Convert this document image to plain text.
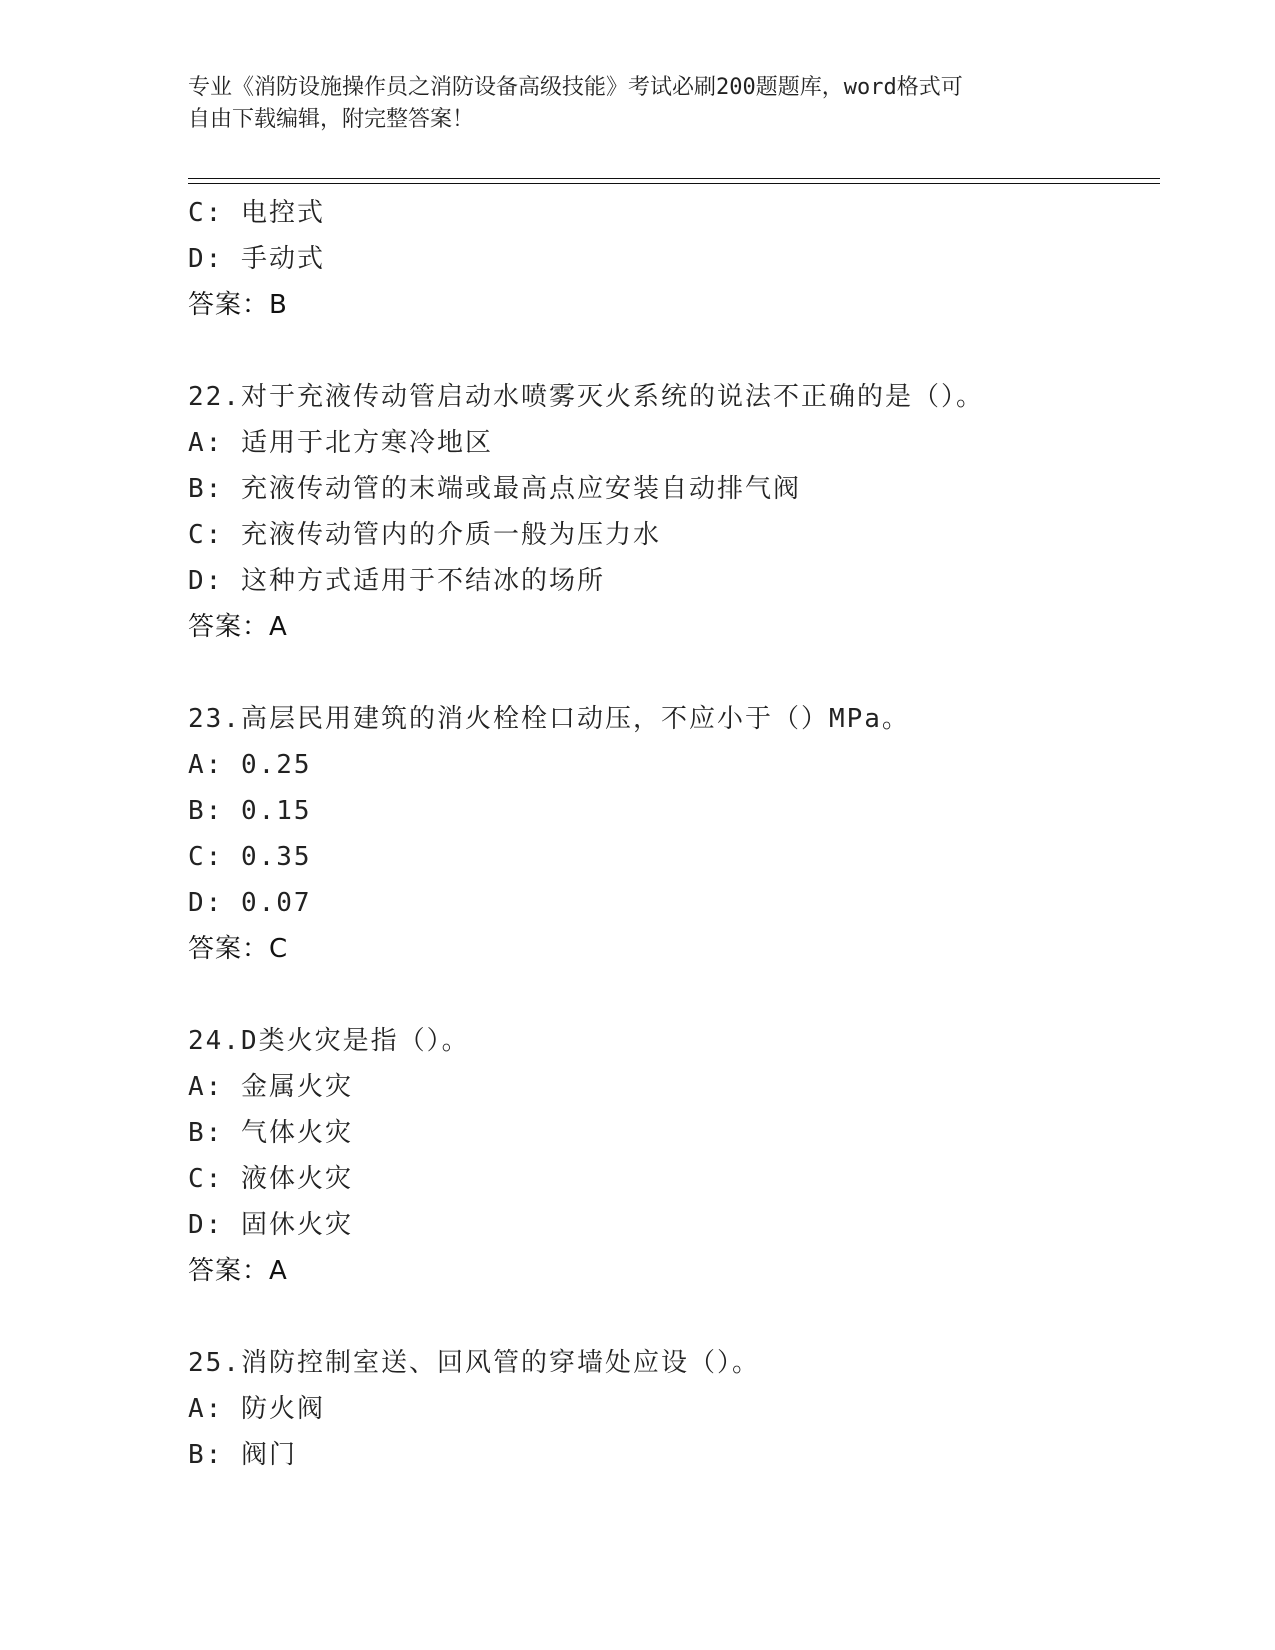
专业《消防设施操作员之消防设备高级技能》考试必刷200题题库，word格式可
自由下载编辑，附完整答案！
C: 电控式
D: 手动式
答案：B
22.对于充液传动管启动水喷雾灭火系统的说法不正确的是（）。
A: 适用于北方寒冷地区
B: 充液传动管的末端或最高点应安装自动排气阀
C: 充液传动管内的介质一般为压力水
D: 这种方式适用于不结冰的场所
答案：A
23.高层民用建筑的消火栓栓口动压，不应小于（）MPa。
A: 0.25
B: 0.15
C: 0.35
D: 0.07
答案：C
24.D类火灾是指（）。
A: 金属火灾
B: 气体火灾
C: 液体火灾
D: 固休火灾
答案：A
25.消防控制室送、回风管的穿墙处应设（）。
A: 防火阀
B: 阀门
